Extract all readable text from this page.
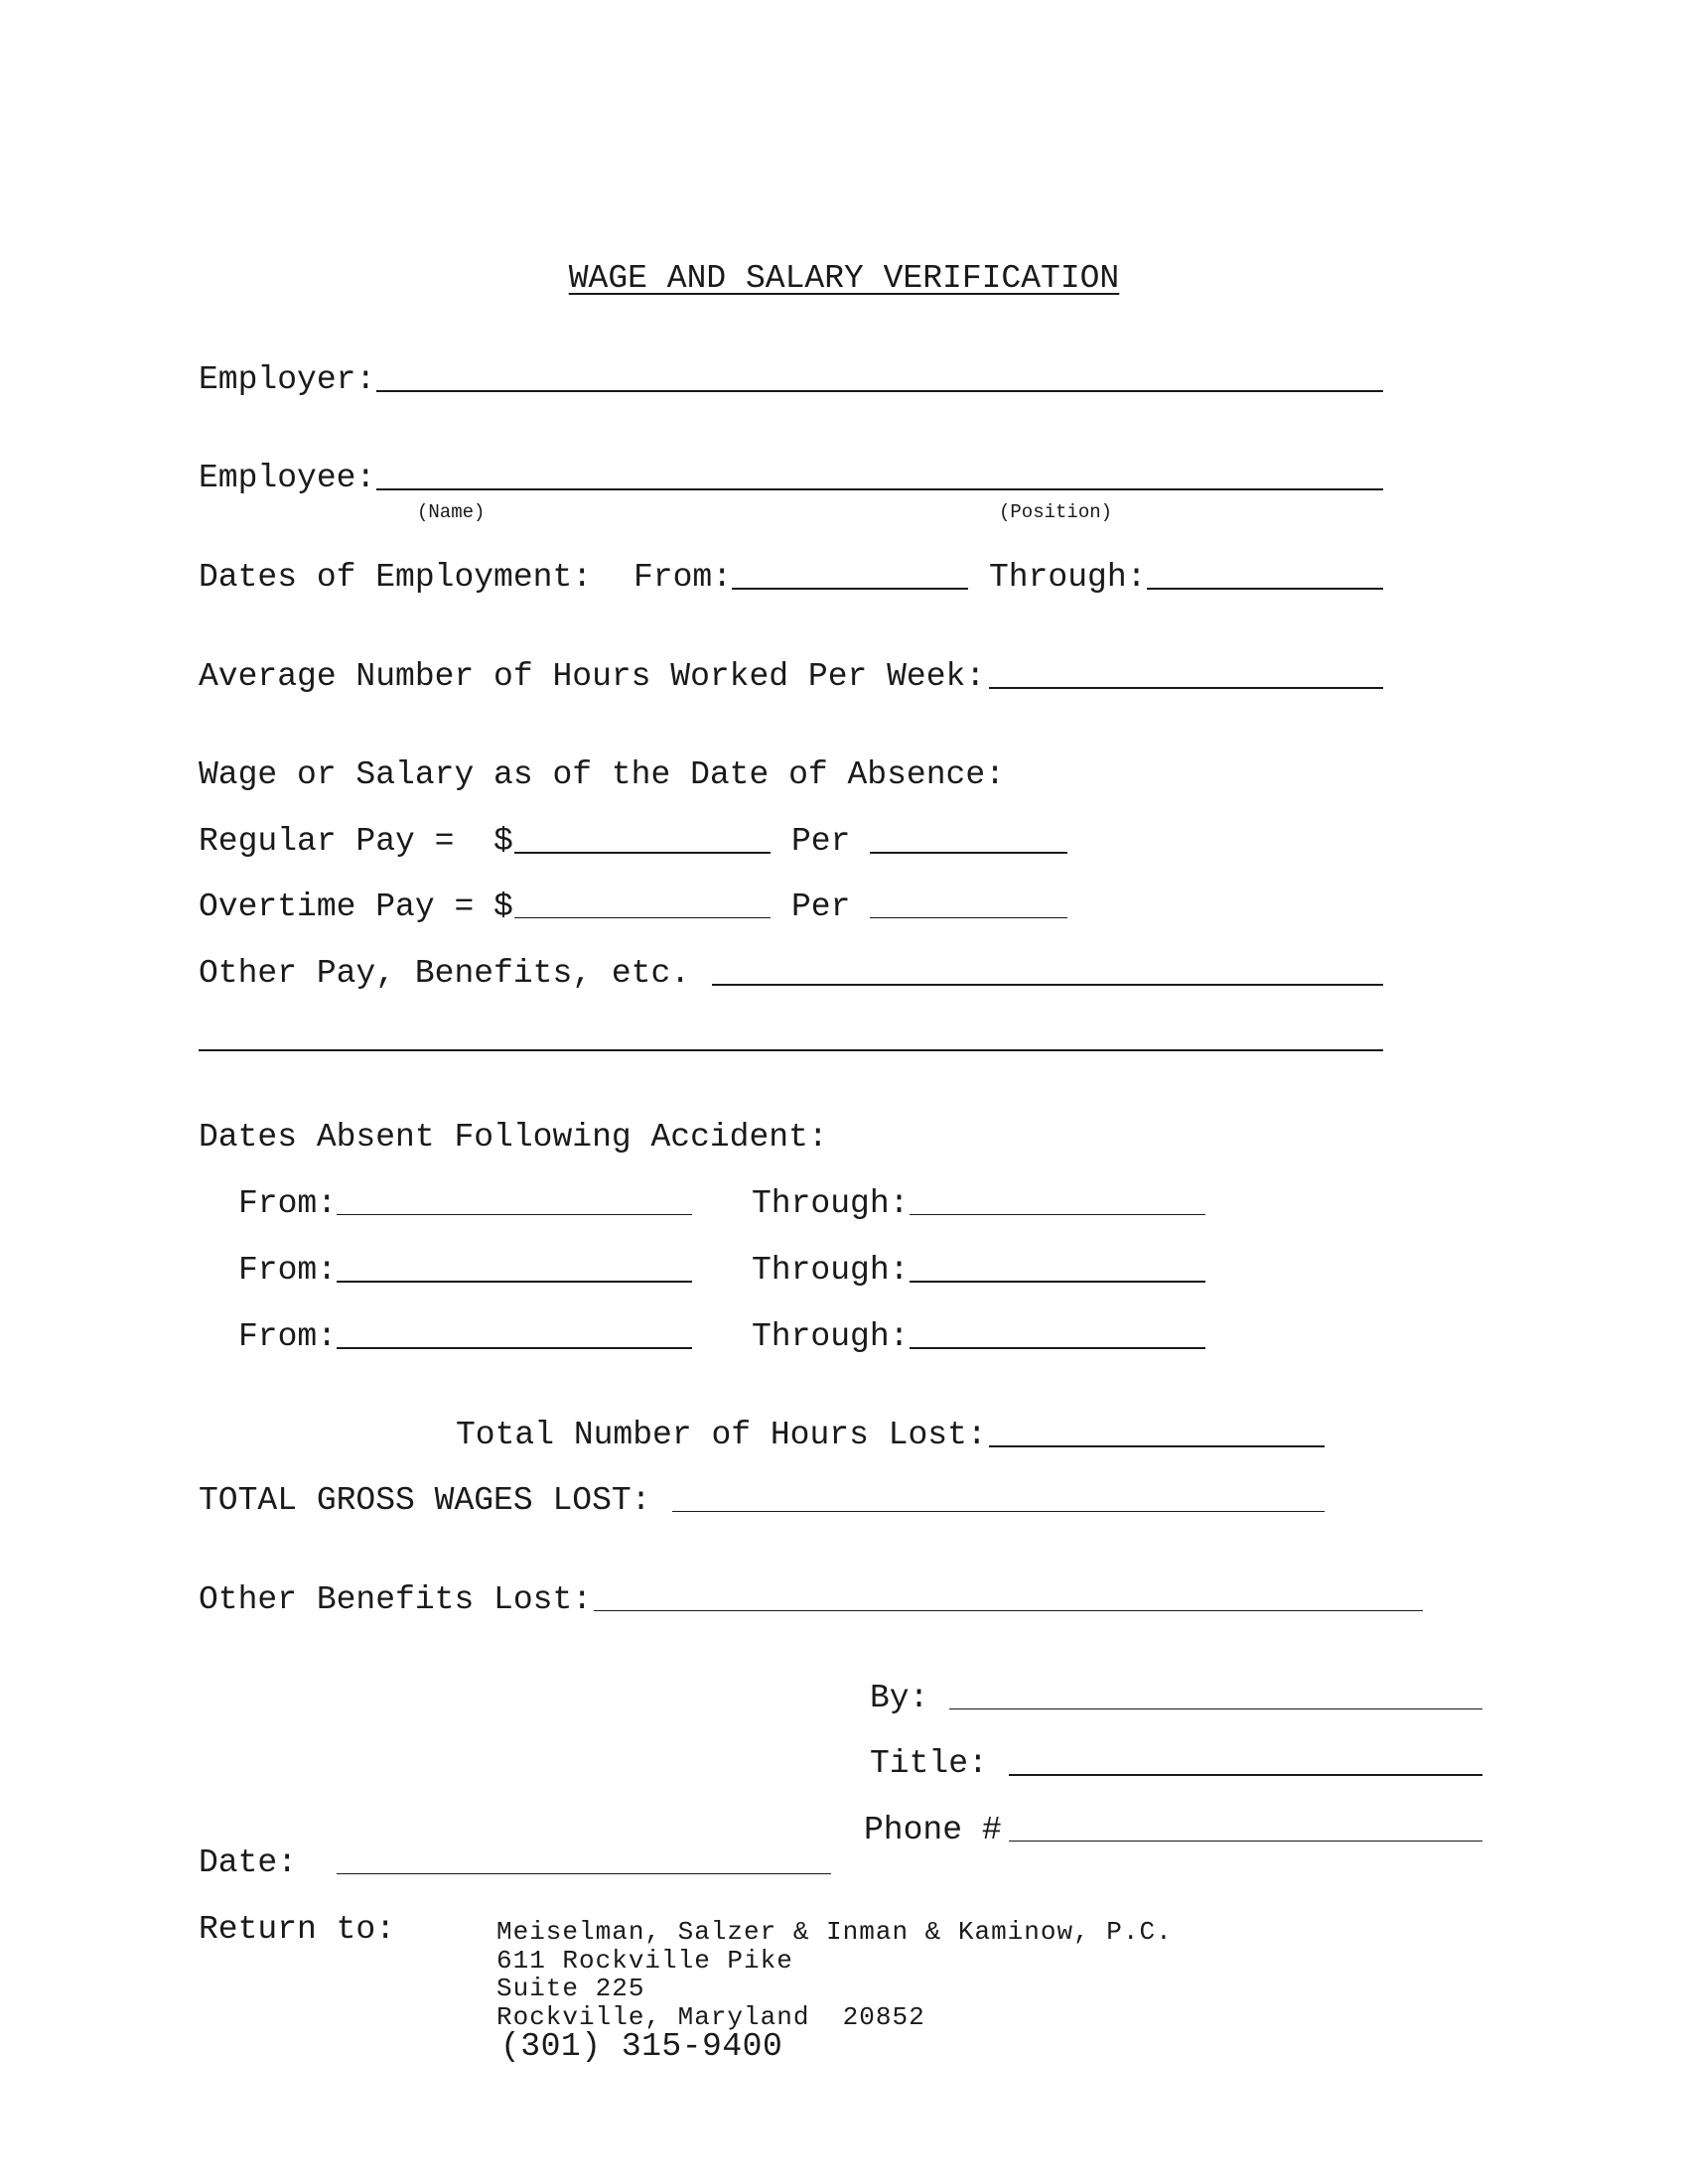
WAGE AND SALARY VERIFICATION
Employer:
Employee:
(Name)	(Position)
Dates of Employment: From:	Through:
Average Number of Hours Worked Per Week:
Wage or Salary as of the Date of Absence:
Regular Pay =  $	Per
Overtime Pay = $	Per
Other Pay, Benefits, etc.
Dates Absent Following Accident:
From:	Through:
From:	Through:
From:	Through:
Total Number of Hours Lost:
TOTAL GROSS WAGES LOST:
Other Benefits Lost:
By:
Title:
Phone #
Date:
Return to:	Meiselman, Salzer & Inman & Kaminow, P.C.
611 Rockville Pike
Suite 225
Rockville, Maryland  20852
(301) 315-9400
